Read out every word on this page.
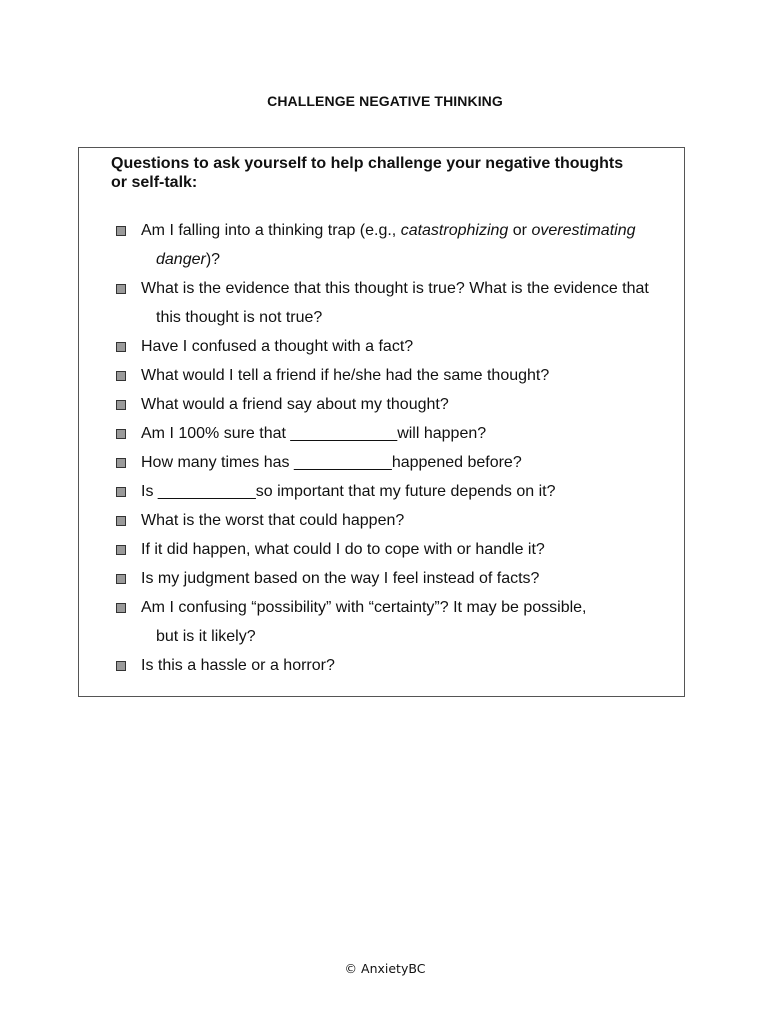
CHALLENGE NEGATIVE THINKING
Questions to ask yourself to help challenge your negative thoughts
or self-talk:
Am I falling into a thinking trap (e.g., catastrophizing or overestimating
danger)?
What is the evidence that this thought is true? What is the evidence that
this thought is not true?
Have I confused a thought with a fact?
What would I tell a friend if he/she had the same thought?
What would a friend say about my thought?
Am I 100% sure that ____________will happen?
How many times has ___________happened before?
Is ___________so important that my future depends on it?
What is the worst that could happen?
If it did happen, what could I do to cope with or handle it?
Is my judgment based on the way I feel instead of facts?
Am I confusing “possibility” with “certainty”? It may be possible,
but is it likely?
Is this a hassle or a horror?
© AnxietyBC
